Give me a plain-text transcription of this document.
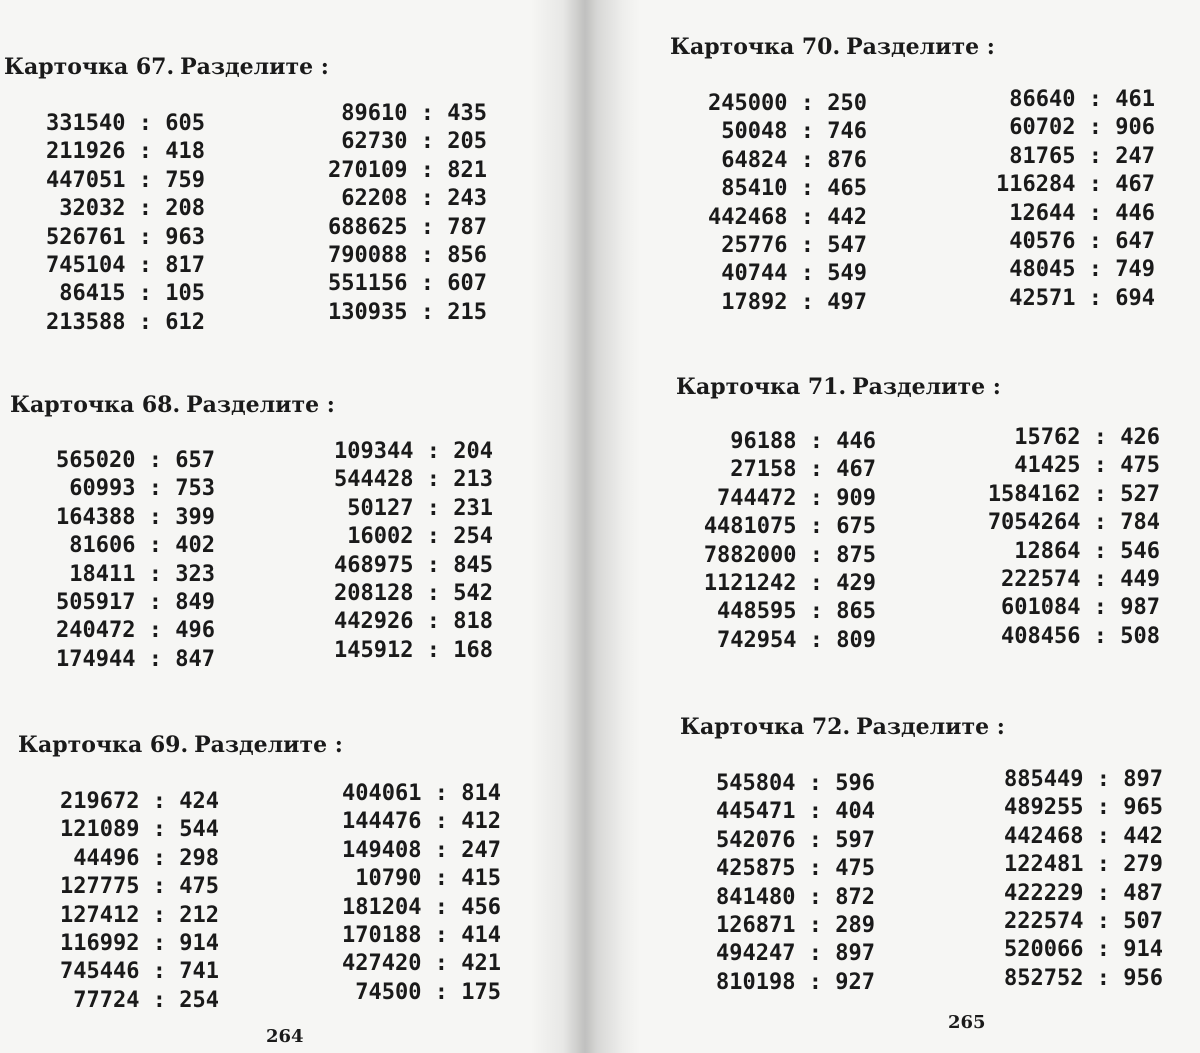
Карточка 67. Разделите :
331540 : 605
211926 : 418
447051 : 759
32032 : 208
526761 : 963
745104 : 817
86415 : 105
213588 : 612
89610 : 435
62730 : 205
270109 : 821
62208 : 243
688625 : 787
790088 : 856
551156 : 607
130935 : 215
Карточка 68. Разделите :
565020 : 657
60993 : 753
164388 : 399
81606 : 402
18411 : 323
505917 : 849
240472 : 496
174944 : 847
109344 : 204
544428 : 213
50127 : 231
16002 : 254
468975 : 845
208128 : 542
442926 : 818
145912 : 168
Карточка 69. Разделите :
219672 : 424
121089 : 544
44496 : 298
127775 : 475
127412 : 212
116992 : 914
745446 : 741
77724 : 254
404061 : 814
144476 : 412
149408 : 247
10790 : 415
181204 : 456
170188 : 414
427420 : 421
74500 : 175
264
Карточка 70. Разделите :
245000 : 250
50048 : 746
64824 : 876
85410 : 465
442468 : 442
25776 : 547
40744 : 549
17892 : 497
86640 : 461
60702 : 906
81765 : 247
116284 : 467
12644 : 446
40576 : 647
48045 : 749
42571 : 694
Карточка 71. Разделите :
96188 : 446
27158 : 467
744472 : 909
4481075 : 675
7882000 : 875
1121242 : 429
448595 : 865
742954 : 809
15762 : 426
41425 : 475
1584162 : 527
7054264 : 784
12864 : 546
222574 : 449
601084 : 987
408456 : 508
Карточка 72. Разделите :
545804 : 596
445471 : 404
542076 : 597
425875 : 475
841480 : 872
126871 : 289
494247 : 897
810198 : 927
885449 : 897
489255 : 965
442468 : 442
122481 : 279
422229 : 487
222574 : 507
520066 : 914
852752 : 956
265
